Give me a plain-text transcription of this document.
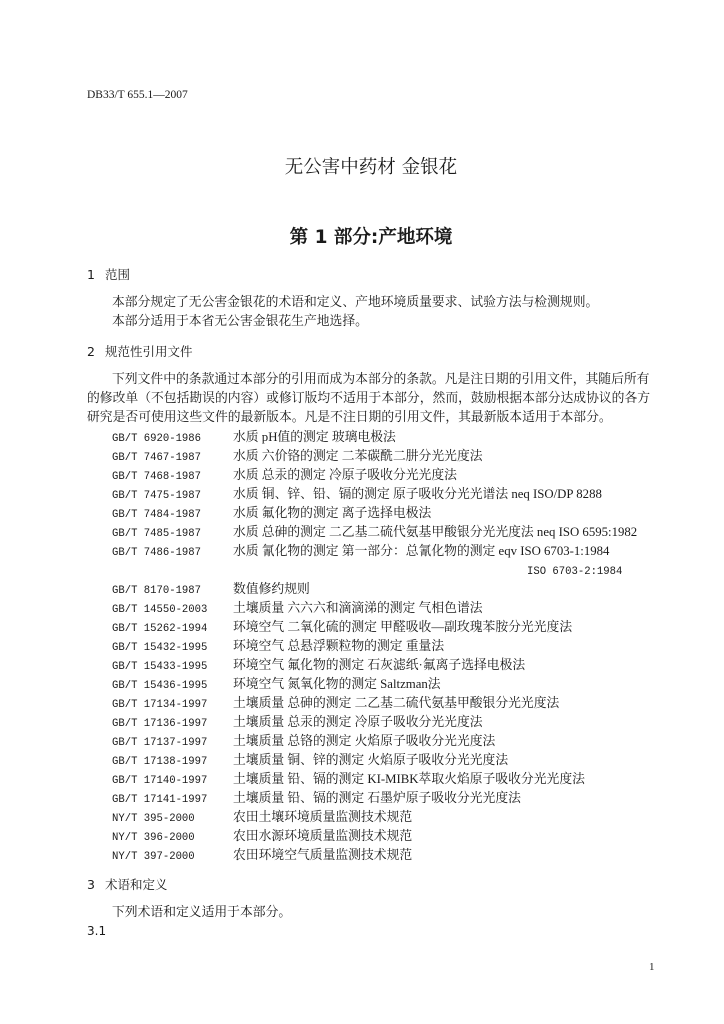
DB33/T 655.1—2007
无公害中药材 金银花
第 1 部分:产地环境
1 范围
本部分规定了无公害金银花的术语和定义、产地环境质量要求、试验方法与检测规则。
本部分适用于本省无公害金银花生产地选择。
2 规范性引用文件
下列文件中的条款通过本部分的引用而成为本部分的条款。凡是注日期的引用文件，其随后所有
的修改单（不包括勘误的内容）或修订版均不适用于本部分，然而，鼓励根据本部分达成协议的各方
研究是否可使用这些文件的最新版本。凡是不注日期的引用文件，其最新版本适用于本部分。
GB/T 6920-1986 水质 pH值的测定 玻璃电极法
GB/T 7467-1987 水质 六价铬的测定 二苯碳酰二肼分光光度法
GB/T 7468-1987 水质 总汞的测定 冷原子吸收分光光度法
GB/T 7475-1987 水质 铜、锌、铅、镉的测定 原子吸收分光光谱法 neq ISO/DP 8288
GB/T 7484-1987 水质 氟化物的测定 离子选择电极法
GB/T 7485-1987 水质 总砷的测定 二乙基二硫代氨基甲酸银分光光度法 neq ISO 6595:1982
GB/T 7486-1987 水质 氰化物的测定 第一部分：总氰化物的测定 eqv ISO 6703-1:1984
ISO 6703-2:1984
GB/T 8170-1987 数值修约规则
GB/T 14550-2003 土壤质量 六六六和滴滴涕的测定 气相色谱法
GB/T 15262-1994 环境空气 二氧化硫的测定 甲醛吸收—副玫瑰苯胺分光光度法
GB/T 15432-1995 环境空气 总悬浮颗粒物的测定 重量法
GB/T 15433-1995 环境空气 氟化物的测定 石灰滤纸·氟离子选择电极法
GB/T 15436-1995 环境空气 氮氧化物的测定 Saltzman法
GB/T 17134-1997 土壤质量 总砷的测定 二乙基二硫代氨基甲酸银分光光度法
GB/T 17136-1997 土壤质量 总汞的测定 冷原子吸收分光光度法
GB/T 17137-1997 土壤质量 总铬的测定 火焰原子吸收分光光度法
GB/T 17138-1997 土壤质量 铜、锌的测定 火焰原子吸收分光光度法
GB/T 17140-1997 土壤质量 铅、镉的测定 KI-MIBK萃取火焰原子吸收分光光度法
GB/T 17141-1997 土壤质量 铅、镉的测定 石墨炉原子吸收分光光度法
NY/T 395-2000	农田土壤环境质量监测技术规范
NY/T 396-2000	农田水源环境质量监测技术规范
NY/T 397-2000	农田环境空气质量监测技术规范
3 术语和定义
下列术语和定义适用于本部分。
3.1
1
